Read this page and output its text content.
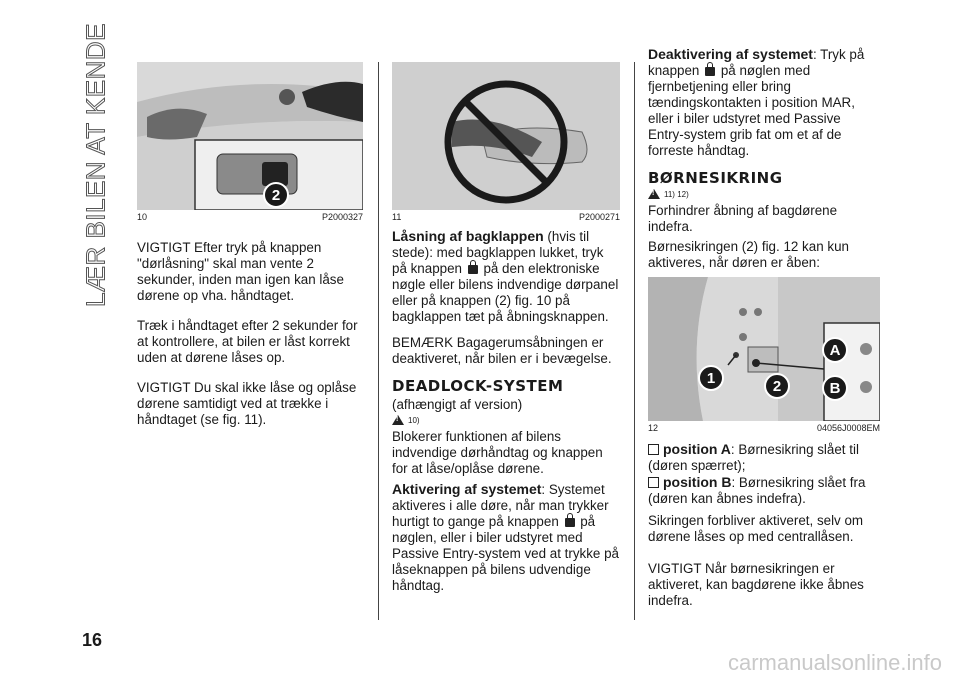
LÆR BILEN AT KENDE
16
2
10	P2000327

VIGTIGT Efter tryk på knappen "dørlåsning" skal man vente 2 sekunder, inden man igen kan låse dørene op vha. håndtaget.

Træk i håndtaget efter 2 sekunder for at kontrollere, at bilen er låst korrekt uden at dørene låses op.

VIGTIGT Du skal ikke låse og oplåse dørene samtidigt ved at trække i håndtaget (se fig. 11).

11	P2000271

Låsning af bagklappen (hvis til stede): med bagklappen lukket, tryk på knappen  på den elektroniske nøgle eller bilens indvendige dørpanel eller på knappen (2) fig. 10 på bagklappen tæt på åbningsknappen.

BEMÆRK Bagagerumsåbningen er deaktiveret, når bilen er i bevægelse.

DEADLOCK-SYSTEM

(afhængigt af version)

!
10)

Blokerer funktionen af bilens indvendige dørhåndtag og knappen for at låse/oplåse dørene.

Aktivering af systemet: Systemet aktiveres i alle døre, når man trykker hurtigt to gange på knappen  på nøglen, eller i biler udstyret med Passive Entry-system ved at trykke på låseknappen på bilens udvendige håndtag.

Deaktivering af systemet: Tryk på knappen  på nøglen med fjernbetjening eller bring tændingskontakten i position MAR, eller i biler udstyret med Passive Entry-system grib fat om et af de forreste håndtag.

BØRNESIKRING
!
11) 12)

Forhindrer åbning af bagdørene indefra.

Børnesikringen (2) fig. 12 kan kun aktiveres, når døren er åben:

1	2
A
B
12	04056J0008EM

position A: Børnesikring slået til (døren spærret);

position B: Børnesikring slået fra (døren kan åbnes indefra).

Sikringen forbliver aktiveret, selv om dørene låses op med centrallåsen.

VIGTIGT Når børnesikringen er aktiveret, kan bagdørene ikke åbnes indefra.

carmanualsonline.info
